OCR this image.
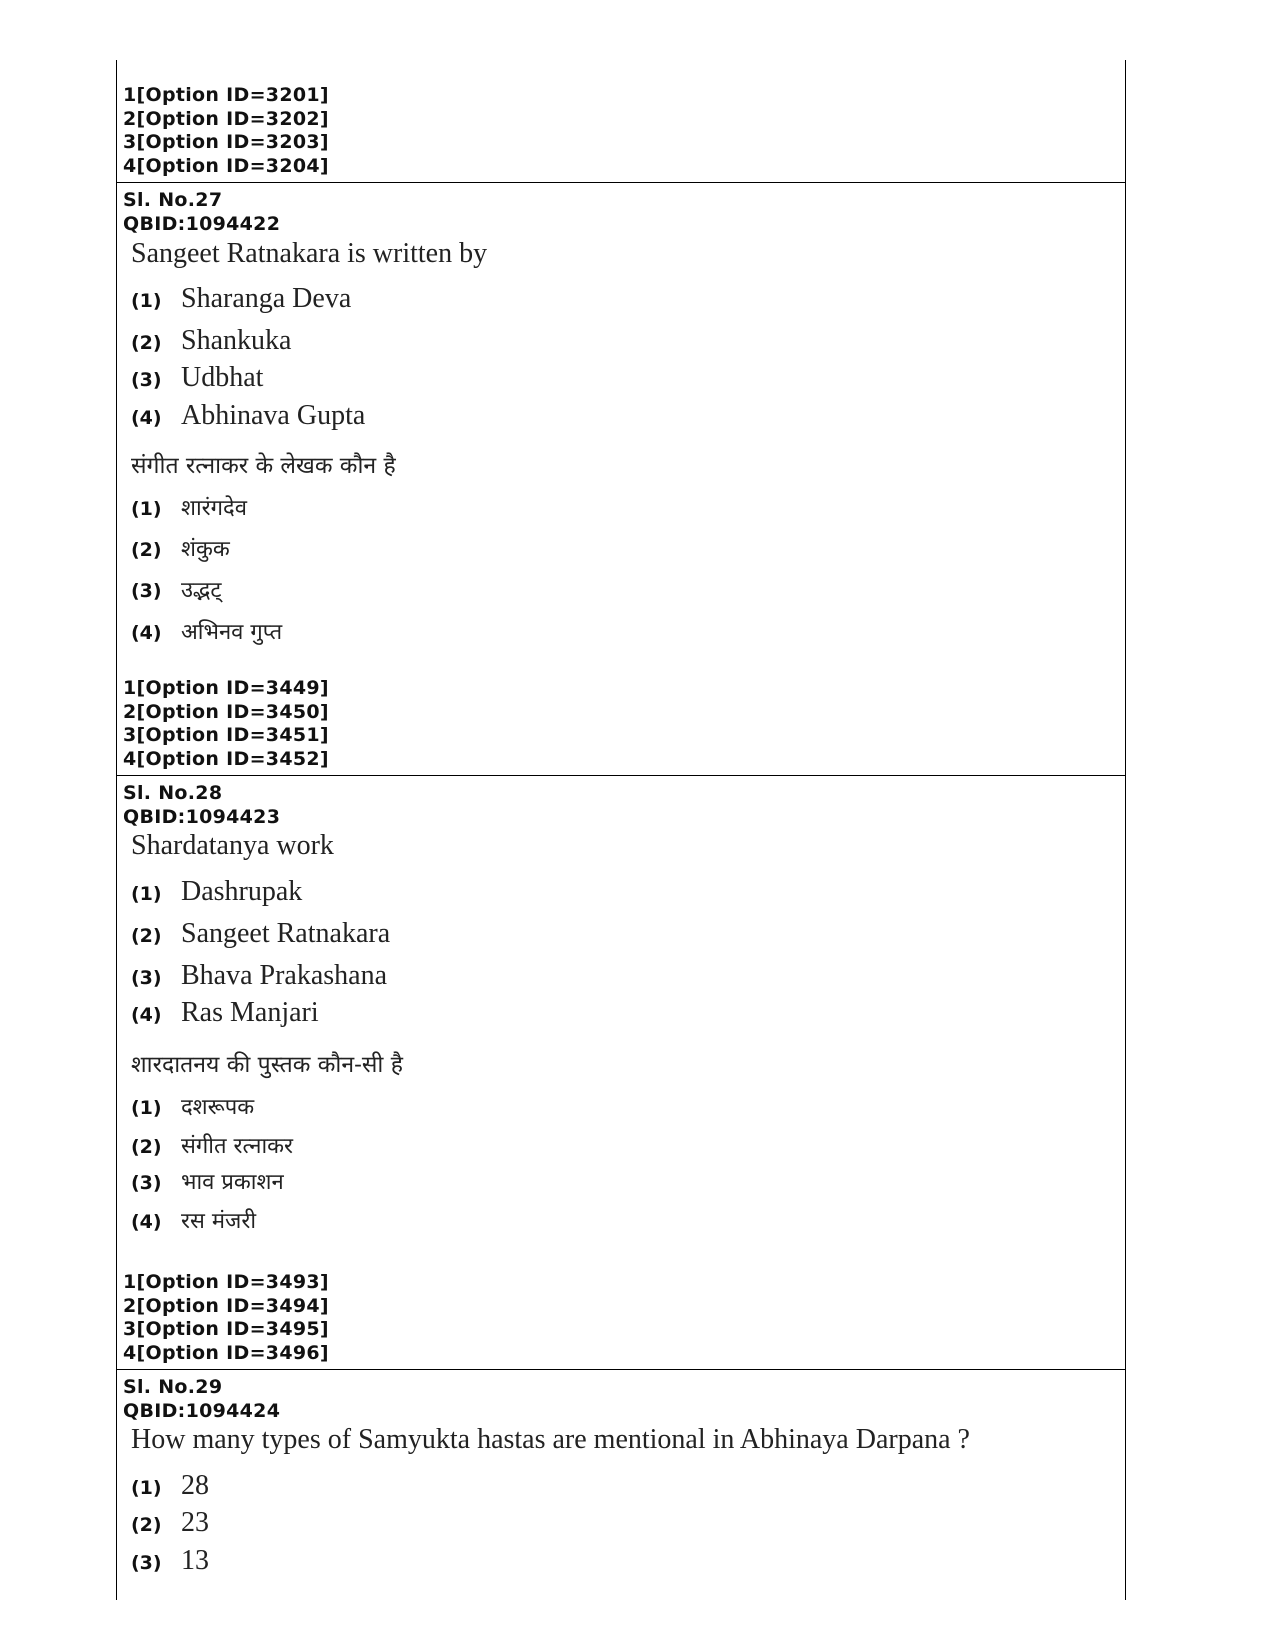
1[Option ID=3201]
2[Option ID=3202]
3[Option ID=3203]
4[Option ID=3204]
Sl. No.27
QBID:1094422
Sangeet Ratnakara is written by
(1) Sharanga Deva
(2) Shankuka
(3) Udbhat
(4) Abhinava Gupta
संगीत रत्नाकर के लेखक कौन है
(1) शारंगदेव
(2) शंकुक
(3) उद्भट्
(4) अभिनव गुप्त
1[Option ID=3449]
2[Option ID=3450]
3[Option ID=3451]
4[Option ID=3452]
Sl. No.28
QBID:1094423
Shardatanya work
(1) Dashrupak
(2) Sangeet Ratnakara
(3) Bhava Prakashana
(4) Ras Manjari
शारदातनय की पुस्तक कौन-सी है
(1) दशरूपक
(2) संगीत रत्नाकर
(3) भाव प्रकाशन
(4) रस मंजरी
1[Option ID=3493]
2[Option ID=3494]
3[Option ID=3495]
4[Option ID=3496]
Sl. No.29
QBID:1094424
How many types of Samyukta hastas are mentional in Abhinaya Darpana ?
(1) 28
(2) 23
(3) 13
